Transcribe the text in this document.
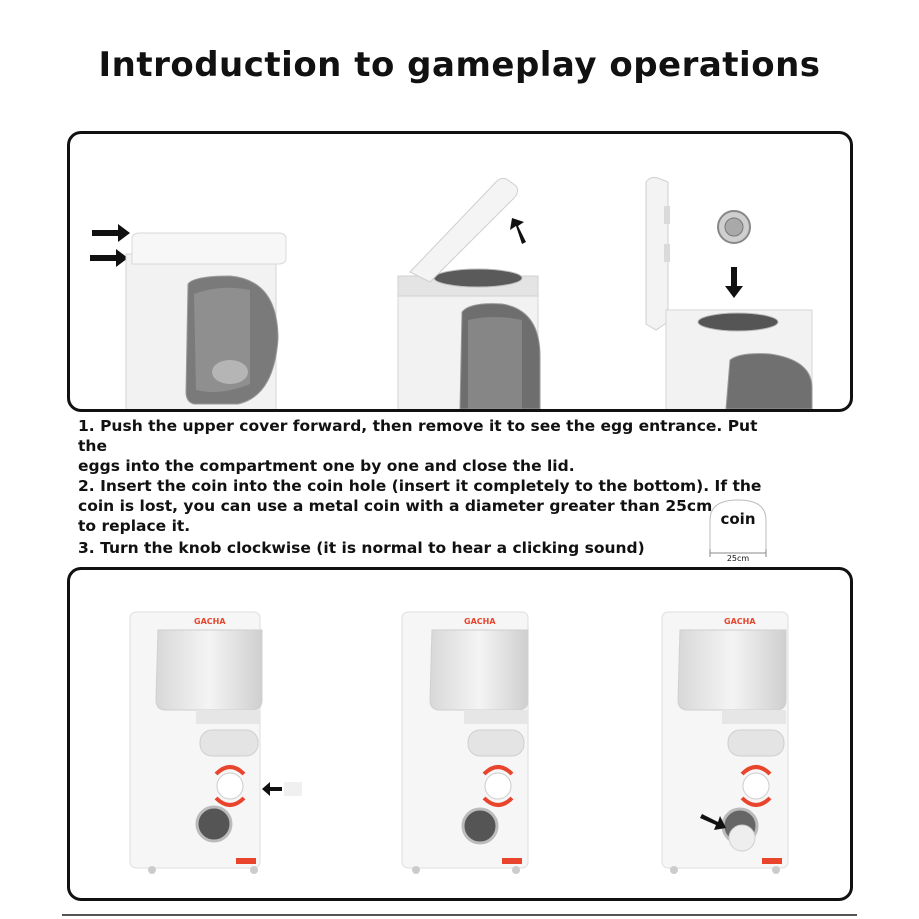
Introduction to gameplay operations

1. Push the upper cover forward, then remove it to see the egg entrance. Put the

eggs into the compartment one by one and close the lid.

2. Insert the coin into the coin hole (insert it completely to the bottom). If the

coin is lost, you can use a metal coin with a diameter greater than 25cm

to replace it.

3. Turn the knob clockwise (it is normal to hear a clicking sound)

coin
25cm
GACHA	GACHA	GACHA
